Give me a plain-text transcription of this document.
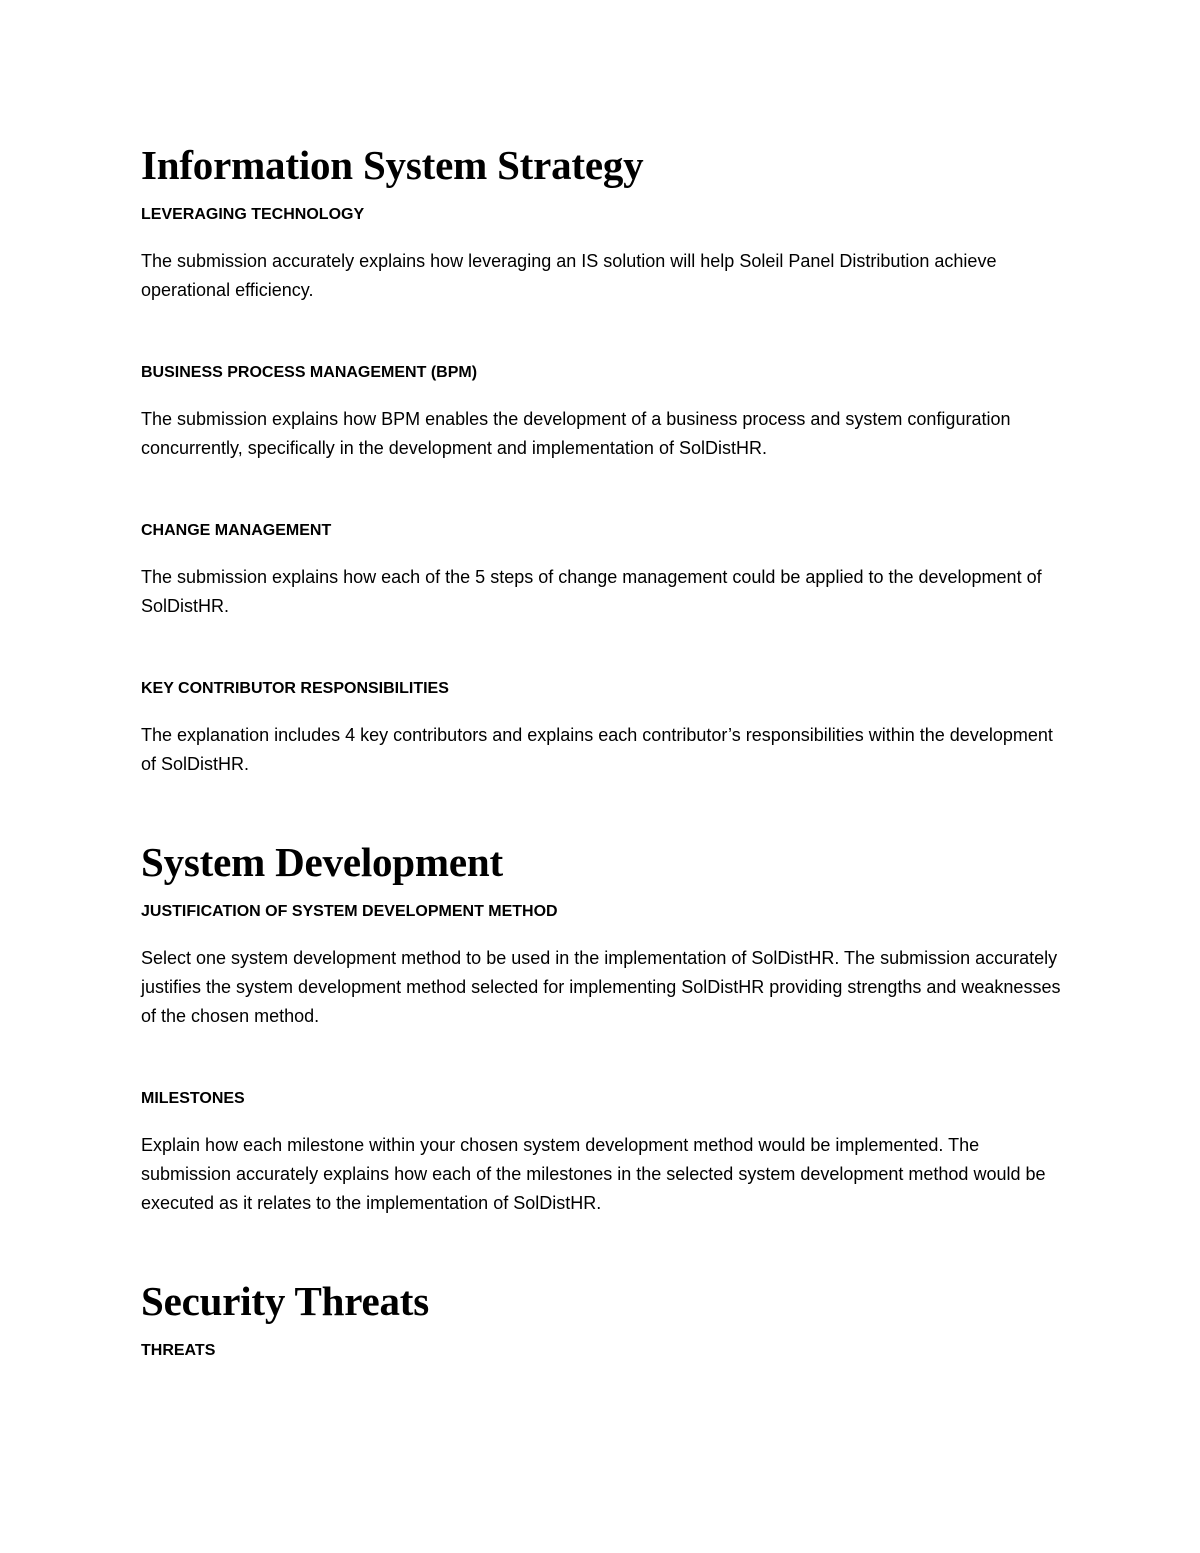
Information System Strategy
LEVERAGING TECHNOLOGY

The submission accurately explains how leveraging an IS solution will help Soleil Panel Distribution achieve operational efficiency.

BUSINESS PROCESS MANAGEMENT (BPM)

The submission explains how BPM enables the development of a business process and system configuration concurrently, specifically in the development and implementation of SolDistHR.

CHANGE MANAGEMENT

The submission explains how each of the 5 steps of change management could be applied to the development of SolDistHR.

KEY CONTRIBUTOR RESPONSIBILITIES

The explanation includes 4 key contributors and explains each contributor’s responsibilities within the development of SolDistHR.

System Development
JUSTIFICATION OF SYSTEM DEVELOPMENT METHOD

Select one system development method to be used in the implementation of SolDistHR. The submission accurately justifies the system development method selected for implementing SolDistHR providing strengths and weaknesses of the chosen method.

MILESTONES

Explain how each milestone within your chosen system development method would be implemented. The submission accurately explains how each of the milestones in the selected system development method would be executed as it relates to the implementation of SolDistHR.

Security Threats
THREATS
